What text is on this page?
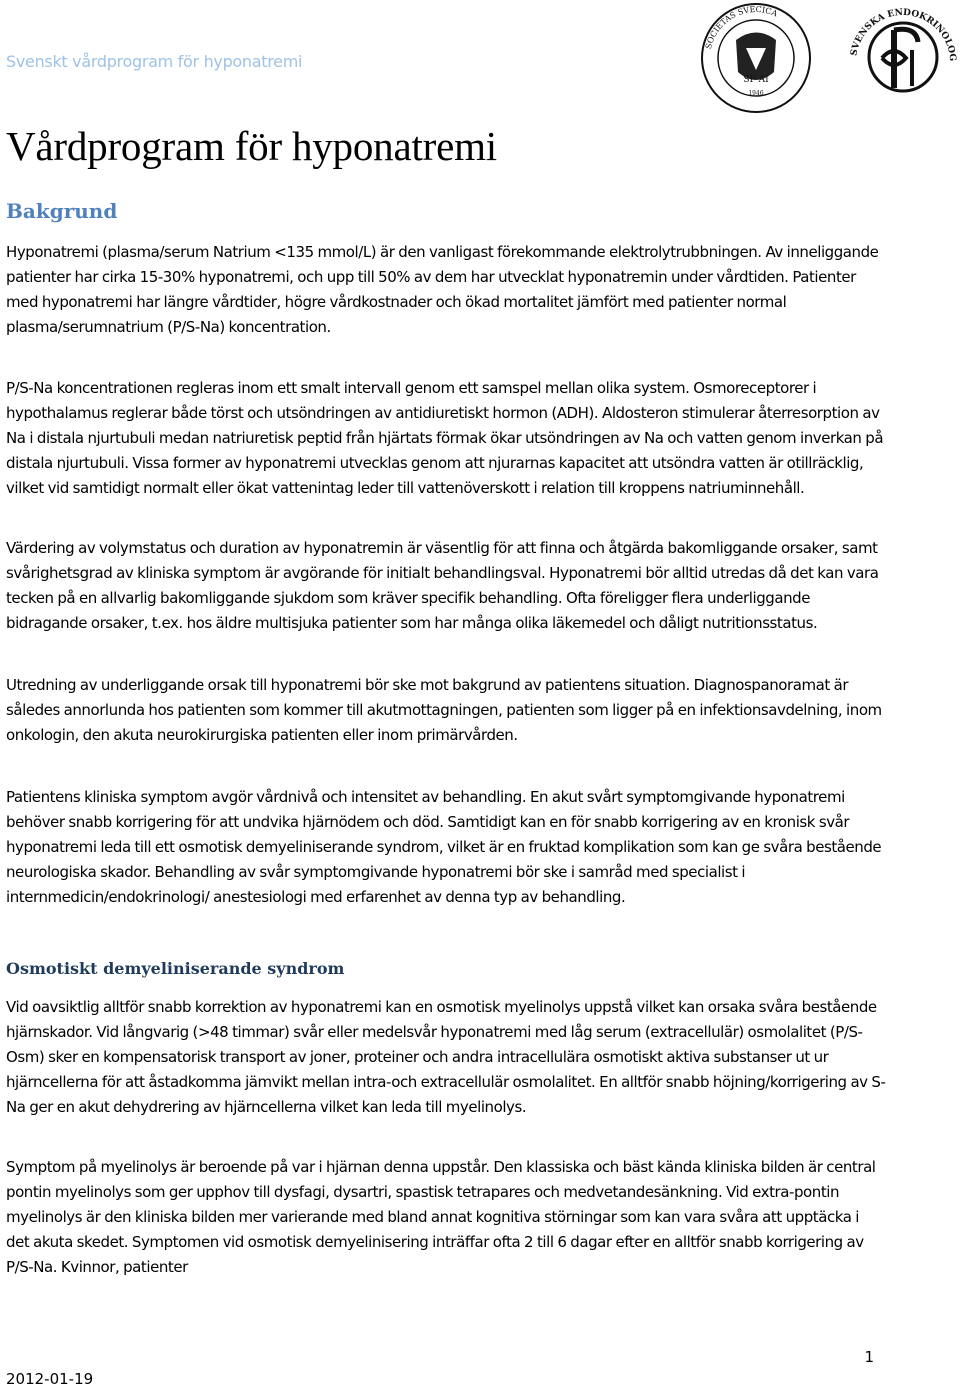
Svenskt vårdprogram för hyponatremi
SF AI
1946
SOCIETAS SVECICA
SVENSKA ENDOKRINOLOG
Vårdprogram för hyponatremi
Bakgrund

Hyponatremi (plasma/serum Natrium <135 mmol/L) är den vanligast förekommande elektrolytrubbningen. Av inneliggande patienter har cirka 15-30% hyponatremi, och upp till 50% av dem har utvecklat hyponatremin under vårdtiden. Patienter med hyponatremi har längre vårdtider, högre vårdkostnader och ökad mortalitet jämfört med patienter normal plasma/serumnatrium (P/S-Na) koncentration.

P/S-Na koncentrationen regleras inom ett smalt intervall genom ett samspel mellan olika system. Osmoreceptorer i hypothalamus reglerar både törst och utsöndringen av antidiuretiskt hormon (ADH). Aldosteron stimulerar återresorption av Na i distala njurtubuli medan natriuretisk peptid från hjärtats förmak ökar utsöndringen av Na och vatten genom inverkan på distala njurtubuli. Vissa former av hyponatremi utvecklas genom att njurarnas kapacitet att utsöndra vatten är otillräcklig, vilket vid samtidigt normalt eller ökat vattenintag leder till vattenöverskott i relation till kroppens natriuminnehåll.

Värdering av volymstatus och duration av hyponatremin är väsentlig för att finna och åtgärda bakomliggande orsaker, samt svårighetsgrad av kliniska symptom är avgörande för initialt behandlingsval. Hyponatremi bör alltid utredas då det kan vara tecken på en allvarlig bakomliggande sjukdom som kräver specifik behandling. Ofta föreligger flera underliggande bidragande orsaker, t.ex. hos äldre multisjuka patienter som har många olika läkemedel och dåligt nutritionsstatus.

Utredning av underliggande orsak till hyponatremi bör ske mot bakgrund av patientens situation. Diagnospanoramat är således annorlunda hos patienten som kommer till akutmottagningen, patienten som ligger på en infektionsavdelning, inom onkologin, den akuta neurokirurgiska patienten eller inom primärvården.

Patientens kliniska symptom avgör vårdnivå och intensitet av behandling. En akut svårt symptomgivande hyponatremi behöver snabb korrigering för att undvika hjärnödem och död. Samtidigt kan en för snabb korrigering av en kronisk svår hyponatremi leda till ett osmotisk demyeliniserande syndrom, vilket är en fruktad komplikation som kan ge svåra bestående neurologiska skador. Behandling av svår symptomgivande hyponatremi bör ske i samråd med specialist i internmedicin/endokrinologi/ anestesiologi med erfarenhet av denna typ av behandling.

Osmotiskt demyeliniserande syndrom

Vid oavsiktlig alltför snabb korrektion av hyponatremi kan en osmotisk myelinolys uppstå vilket kan orsaka svåra bestående hjärnskador. Vid långvarig (>48 timmar) svår eller medelsvår hyponatremi med låg serum (extracellulär) osmolalitet (P/S-Osm) sker en kompensatorisk transport av joner, proteiner och andra intracellulära osmotiskt aktiva substanser ut ur hjärncellerna för att åstadkomma jämvikt mellan intra-och extracellulär osmolalitet. En alltför snabb höjning/korrigering av S-Na ger en akut dehydrering av hjärncellerna vilket kan leda till myelinolys.

Symptom på myelinolys är beroende på var i hjärnan denna uppstår. Den klassiska och bäst kända kliniska bilden är central pontin myelinolys som ger upphov till dysfagi, dysartri, spastisk tetrapares och medvetandesänkning. Vid extra-pontin myelinolys är den kliniska bilden mer varierande med bland annat kognitiva störningar som kan vara svåra att upptäcka i det akuta skedet. Symptomen vid osmotisk demyelinisering inträffar ofta 2 till 6 dagar efter en alltför snabb korrigering av P/S-Na. Kvinnor, patienter

1
2012-01-19
